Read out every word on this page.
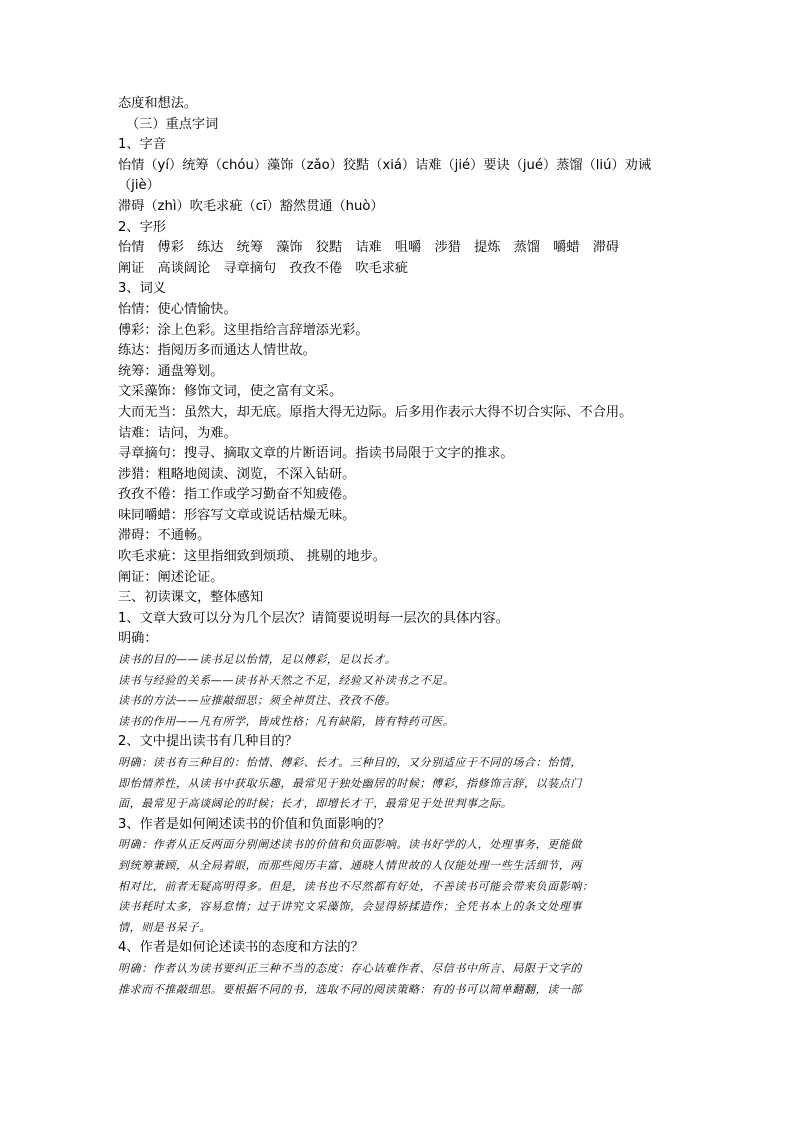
态度和想法。
（三）重点字词
1、字音
怡情（yí）统筹（chóu）藻饰（zǎo）狡黠（xiá）诘难（jié）要诀（jué）蒸馏（liú）劝诫
（jiè）
滞碍（zhì）吹毛求疵（cī）豁然贯通（huò）
2、字形
怡情　傅彩　练达　统筹　藻饰　狡黠　诘难　咀嚼　涉猎　提炼　蒸馏　嚼蜡　滞碍
阐证　高谈阔论　寻章摘句　孜孜不倦　吹毛求疵
3、词义
怡情：使心情愉快。
傅彩：涂上色彩。这里指给言辞增添光彩。
练达：指阅历多而通达人情世故。
统筹：通盘筹划。
文采藻饰：修饰文词，使之富有文采。
大而无当：虽然大，却无底。原指大得无边际。后多用作表示大得不切合实际、不合用。
诘难：诘问，为难。
寻章摘句：搜寻、摘取文章的片断语词。指读书局限于文字的推求。
涉猎：粗略地阅读、浏览，不深入钻研。
孜孜不倦：指工作或学习勤奋不知疲倦。
味同嚼蜡：形容写文章或说话枯燥无味。
滞碍：不通畅。
吹毛求疵：这里指细致到烦琐、 挑剔的地步。
阐证：阐述论证。
三、初读课文，整体感知
1、文章大致可以分为几个层次？请简要说明每一层次的具体内容。
明确：
读书的目的——读书足以怡情，足以傅彩，足以长才。
读书与经验的关系——读书补天然之不足，经验又补读书之不足。
读书的方法——应推敲细思；须全神贯注、孜孜不倦。
读书的作用——凡有所学，皆成性格；凡有缺陷，皆有特药可医。
2、文中提出读书有几种目的？
明确：读书有三种目的：怡情、傅彩、长才。三种目的，又分别适应于不同的场合：怡情，
即怡情养性，从读书中获取乐趣，最常见于独处幽居的时候；傅彩，指修饰言辞，以装点门
面，最常见于高谈阔论的时候；长才，即增长才干，最常见于处世判事之际。
3、作者是如何阐述读书的价值和负面影响的？
明确：作者从正反两面分别阐述读书的价值和负面影响。读书好学的人，处理事务，更能做
到统筹兼顾，从全局着眼，而那些阅历丰富、通晓人情世故的人仅能处理一些生活细节，两
相对比，前者无疑高明得多。但是，读书也不尽然都有好处，不善读书可能会带来负面影响：
读书耗时太多，容易怠惰；过于讲究文采藻饰，会显得矫揉造作；全凭书本上的条文处理事
情，则是书呆子。
4、作者是如何论述读书的态度和方法的？
明确：作者认为读书要纠正三种不当的态度：存心诘难作者、尽信书中所言、局限于文字的
推求而不推敲细思。要根据不同的书，选取不同的阅读策略：有的书可以简单翻翻，读一部
